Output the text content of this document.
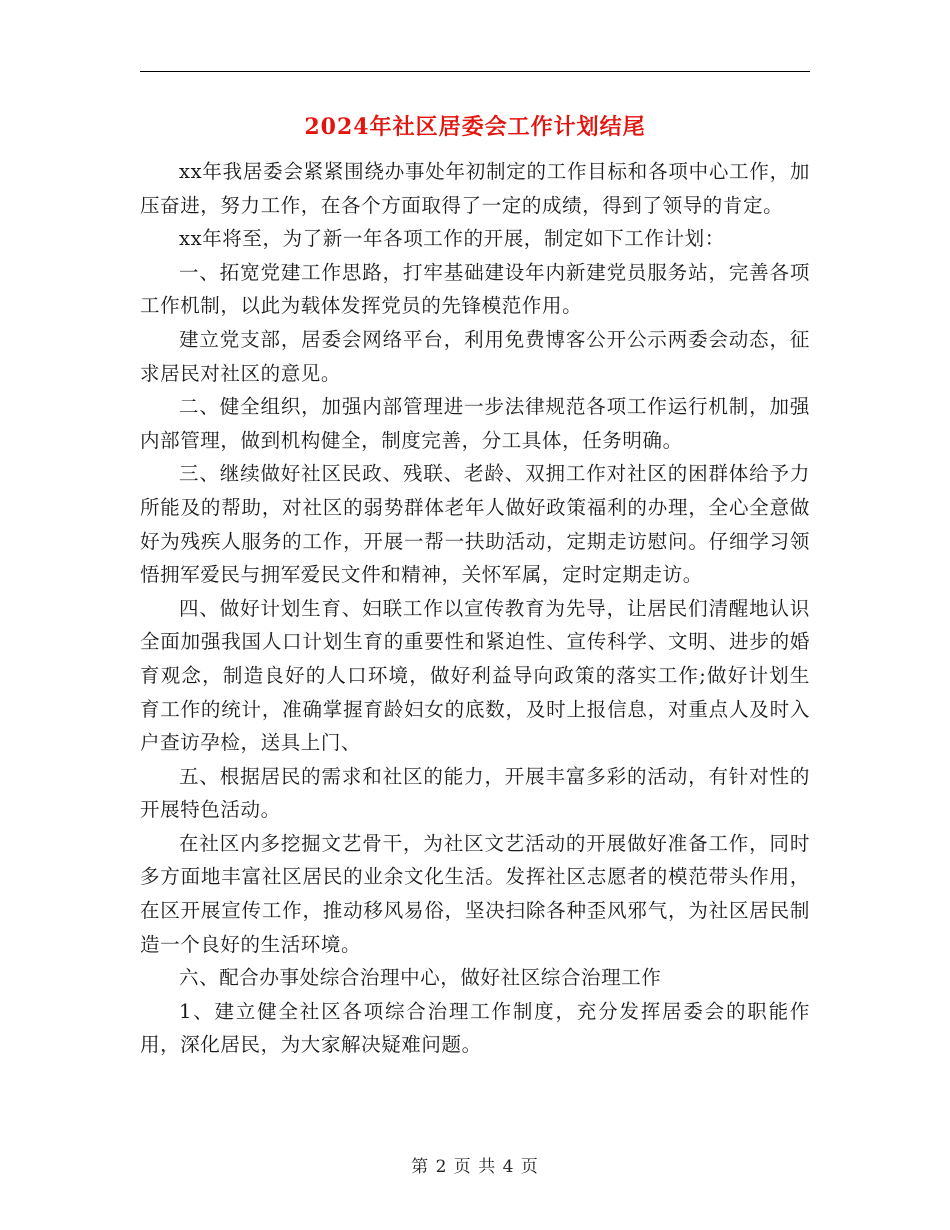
2024年社区居委会工作计划结尾

xx年我居委会紧紧围绕办事处年初制定的工作目标和各项中心工作，加压奋进，努力工作，在各个方面取得了一定的成绩，得到了领导的肯定。

xx年将至，为了新一年各项工作的开展，制定如下工作计划：

一、拓宽党建工作思路，打牢基础建设年内新建党员服务站，完善各项工作机制，以此为载体发挥党员的先锋模范作用。

建立党支部，居委会网络平台，利用免费博客公开公示两委会动态，征求居民对社区的意见。

二、健全组织，加强内部管理进一步法律规范各项工作运行机制，加强内部管理，做到机构健全，制度完善，分工具体，任务明确。

三、继续做好社区民政、残联、老龄、双拥工作对社区的困群体给予力所能及的帮助，对社区的弱势群体老年人做好政策福利的办理，全心全意做好为残疾人服务的工作，开展一帮一扶助活动，定期走访慰问。仔细学习领悟拥军爱民与拥军爱民文件和精神，关怀军属，定时定期走访。

四、做好计划生育、妇联工作以宣传教育为先导，让居民们清醒地认识全面加强我国人口计划生育的重要性和紧迫性、宣传科学、文明、进步的婚育观念，制造良好的人口环境，做好利益导向政策的落实工作;做好计划生育工作的统计，准确掌握育龄妇女的底数，及时上报信息，对重点人及时入户查访孕检，送具上门、

五、根据居民的需求和社区的能力，开展丰富多彩的活动，有针对性的开展特色活动。

在社区内多挖掘文艺骨干，为社区文艺活动的开展做好准备工作，同时多方面地丰富社区居民的业余文化生活。发挥社区志愿者的模范带头作用，在区开展宣传工作，推动移风易俗，坚决扫除各种歪风邪气，为社区居民制造一个良好的生活环境。

六、配合办事处综合治理中心，做好社区综合治理工作

1、建立健全社区各项综合治理工作制度，充分发挥居委会的职能作用，深化居民，为大家解决疑难问题。

第 2 页 共 4 页
